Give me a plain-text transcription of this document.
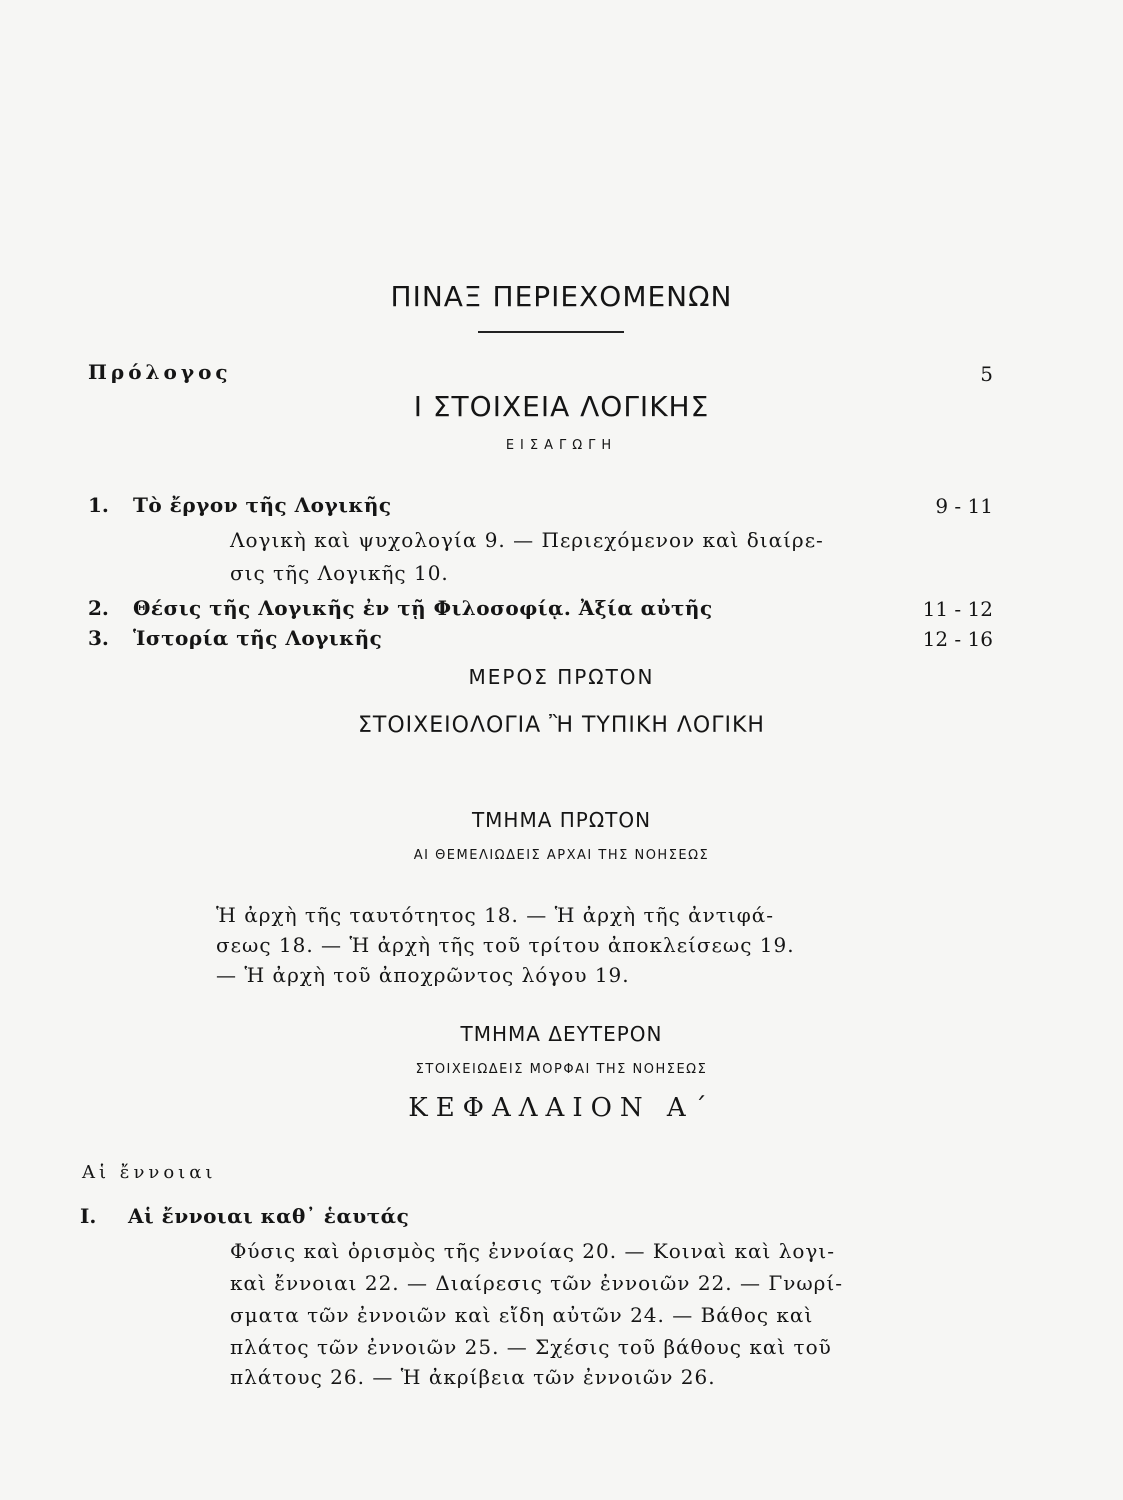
ΠΙΝΑΞ ΠΕΡΙΕΧΟΜΕΝΩΝ
Πρόλογος	5
Ι ΣΤΟΙΧΕΙΑ ΛΟΓΙΚΗΣ
ΕΙΣΑΓΩΓΗ
1. Τὸ ἔργον τῆς Λογικῆς	9 - 11
Λογικὴ καὶ ψυχολογία 9. — Περιεχόμενον καὶ διαίρε-
σις τῆς Λογικῆς 10.
2. Θέσις τῆς Λογικῆς ἐν τῇ Φιλοσοφίᾳ. Ἀξία αὐτῆς	11 - 12
3. Ἱστορία τῆς Λογικῆς	12 - 16
ΜΕΡΟΣ ΠΡΩΤΟΝ
ΣΤΟΙΧΕΙΟΛΟΓΙΑ Ἢ ΤΥΠΙΚΗ ΛΟΓΙΚΗ
ΤΜΗΜΑ ΠΡΩΤΟΝ
ΑΙ ΘΕΜΕΛΙΩΔΕΙΣ ΑΡΧΑΙ ΤΗΣ ΝΟΗΣΕΩΣ
Ἡ ἀρχὴ τῆς ταυτότητος 18. — Ἡ ἀρχὴ τῆς ἀντιφά-
σεως 18. — Ἡ ἀρχὴ τῆς τοῦ τρίτου ἀποκλείσεως 19.
— Ἡ ἀρχὴ τοῦ ἀποχρῶντος λόγου 19.
ΤΜΗΜΑ ΔΕΥΤΕΡΟΝ
ΣΤΟΙΧΕΙΩΔΕΙΣ ΜΟΡΦΑΙ ΤΗΣ ΝΟΗΣΕΩΣ
ΚΕΦΑΛΑΙΟΝ Α΄
Αἱ ἔννοιαι
Ι. Αἱ ἔννοιαι καθ᾽ ἑαυτάς
Φύσις καὶ ὁρισμὸς τῆς ἐννοίας 20. — Κοιναὶ καὶ λογι-
καὶ ἔννοιαι 22. — Διαίρεσις τῶν ἐννοιῶν 22. — Γνωρί-
σματα τῶν ἐννοιῶν καὶ εἴδη αὐτῶν 24. — Βάθος καὶ
πλάτος τῶν ἐννοιῶν 25. — Σχέσις τοῦ βάθους καὶ τοῦ
πλάτους 26. — Ἡ ἀκρίβεια τῶν ἐννοιῶν 26.
